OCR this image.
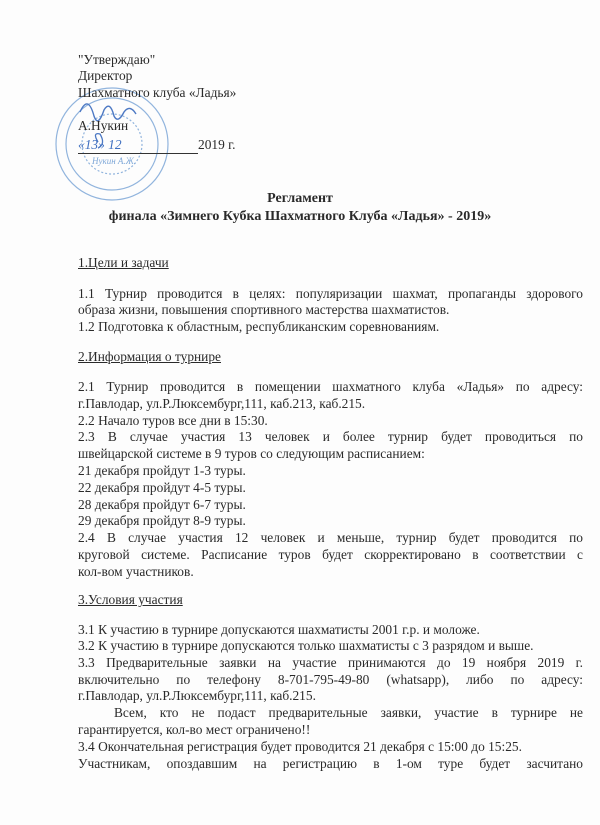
Нукин А.Ж.
"Утверждаю"
Директор
Шахматного клуба «Ладья»
А.Нукин
«13» 12	2019 г.
Регламент
финала «Зимнего Кубка Шахматного Клуба «Ладья» - 2019»
1.Цели и задачи
1.1 Турнир проводится в целях: популяризации шахмат, пропаганды здорового
образа жизни, повышения спортивного мастерства шахматистов.
1.2 Подготовка к областным, республиканским соревнованиям.
2.Информация о турнире
2.1 Турнир проводится в помещении шахматного клуба «Ладья» по адресу:
г.Павлодар, ул.Р.Люксембург,111, каб.213, каб.215.
2.2 Начало туров все дни в 15:30.
2.3 В случае участия 13 человек и более турнир будет проводиться по
швейцарской системе в 9 туров со следующим расписанием:
21 декабря пройдут 1-3 туры.
22 декабря пройдут 4-5 туры.
28 декабря пройдут 6-7 туры.
29 декабря пройдут 8-9 туры.
2.4 В случае участия 12 человек и меньше, турнир будет проводится по
круговой системе. Расписание туров будет скорректировано в соответствии с
кол-вом участников.
3.Условия участия
3.1 К участию в турнире допускаются шахматисты 2001 г.р. и моложе.
3.2 К участию в турнире допускаются только шахматисты с 3 разрядом и выше.
3.3 Предварительные заявки на участие принимаются до 19 ноября 2019 г.
включительно по телефону 8-701-795-49-80 (whatsapp), либо по адресу:
г.Павлодар, ул.Р.Люксембург,111, каб.215.
Всем, кто не подаст предварительные заявки, участие в турнире не
гарантируется, кол-во мест ограничено!!
3.4 Окончательная регистрация будет проводится 21 декабря с 15:00 до 15:25.
Участникам, опоздавшим на регистрацию в 1-ом туре будет засчитано
